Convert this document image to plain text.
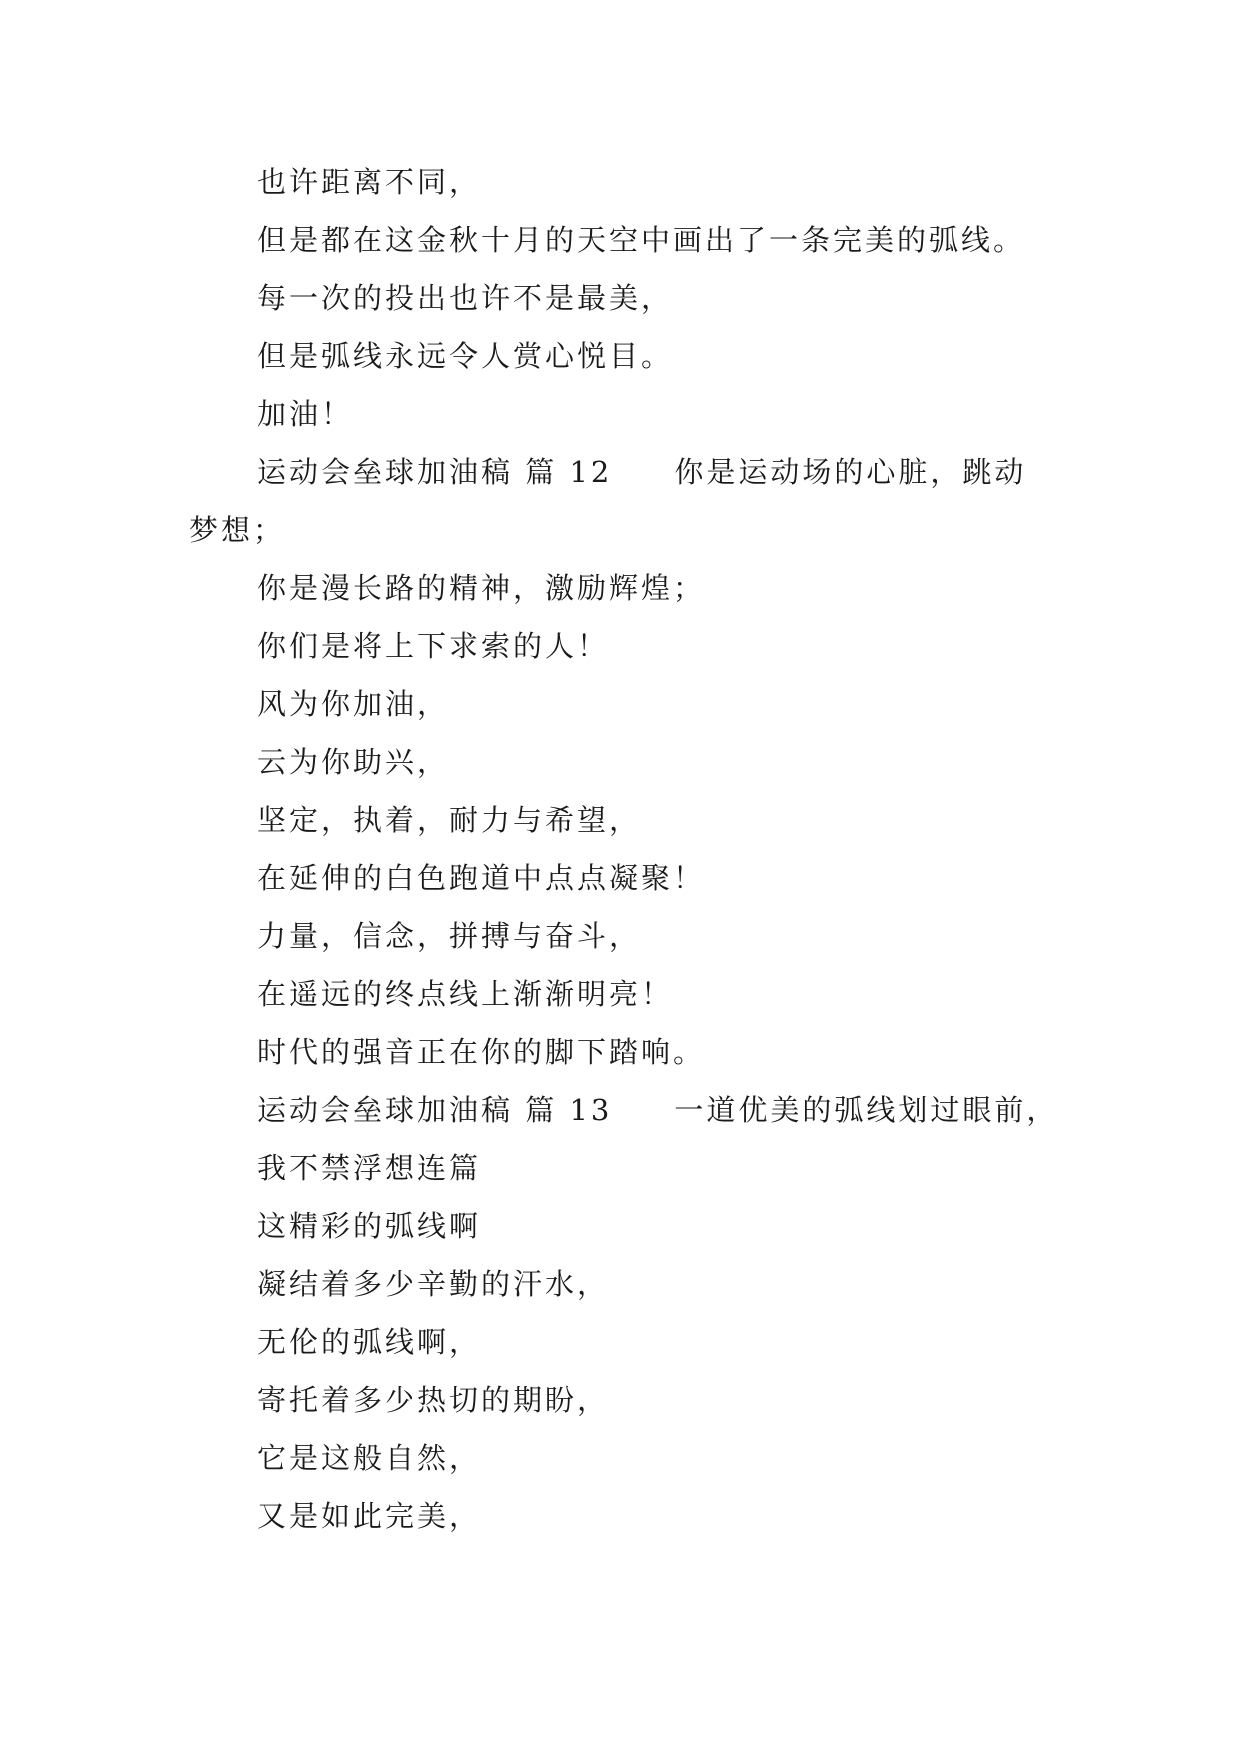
也许距离不同，
但是都在这金秋十月的天空中画出了一条完美的弧线。
每一次的投出也许不是最美，
但是弧线永远令人赏心悦目。
加油！
运动会垒球加油稿 篇 12 你是运动场的心脏，跳动
梦想；
你是漫长路的精神，激励辉煌；
你们是将上下求索的人！
风为你加油，
云为你助兴，
坚定，执着，耐力与希望，
在延伸的白色跑道中点点凝聚！
力量，信念，拼搏与奋斗，
在遥远的终点线上渐渐明亮！
时代的强音正在你的脚下踏响。
运动会垒球加油稿 篇 13 一道优美的弧线划过眼前，
我不禁浮想连篇
这精彩的弧线啊
凝结着多少辛勤的汗水，
无伦的弧线啊，
寄托着多少热切的期盼，
它是这般自然，
又是如此完美，
